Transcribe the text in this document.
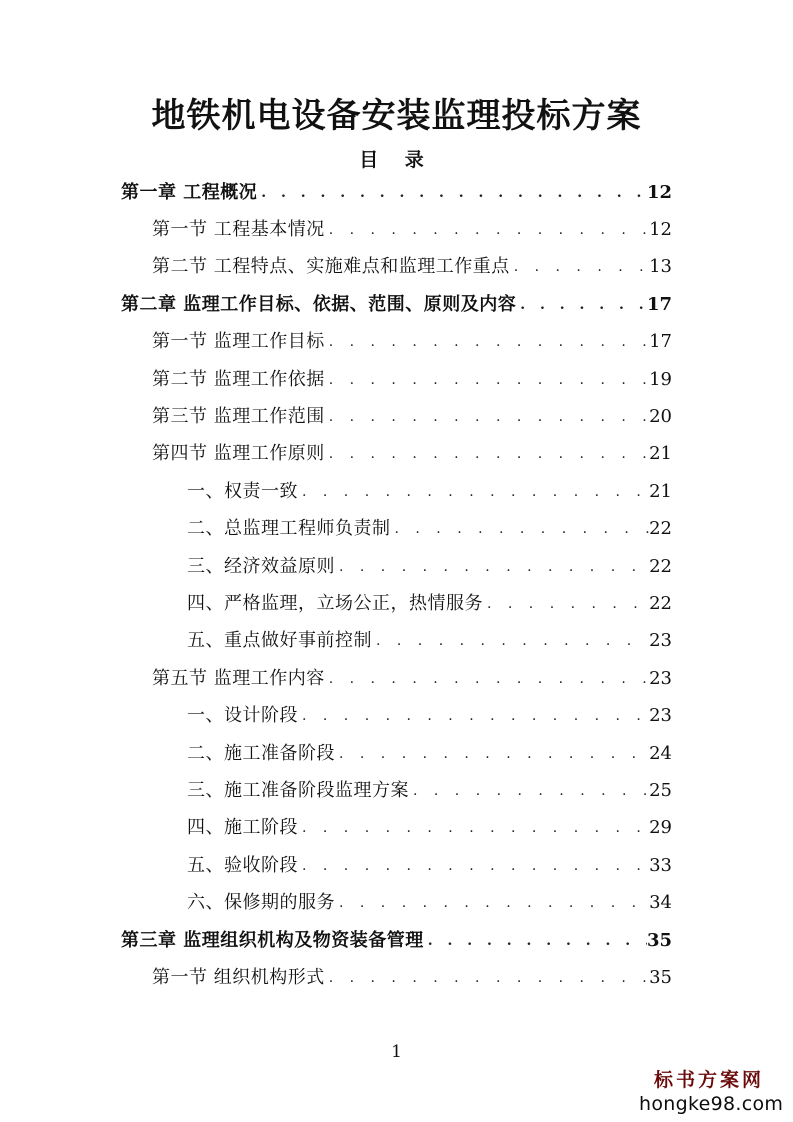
地铁机电设备安装监理投标方案
目 录
第一章 工程概况 . . .	12
第一节 工程基本情况 . . .	12
第二节 工程特点、实施难点和监理工作重点 . . .	13
第二章 监理工作目标、依据、范围、原则及内容 . . .	17
第一节 监理工作目标 . . .	17
第二节 监理工作依据 . . .	19
第三节 监理工作范围 . . .	20
第四节 监理工作原则 . . .	21
一、权责一致 . . .	21
二、总监理工程师负责制 . . .	22
三、经济效益原则 . . .	22
四、严格监理，立场公正，热情服务 . . .	22
五、重点做好事前控制 . . .	23
第五节 监理工作内容 . . .	23
一、设计阶段 . . .	23
二、施工准备阶段 . . .	24
三、施工准备阶段监理方案 . . .	25
四、施工阶段 . . .	29
五、验收阶段 . . .	33
六、保修期的服务 . . .	34
第三章 监理组织机构及物资装备管理 . . .	35
第一节 组织机构形式 . . .	35
1
标书方案网
hongke98.com
